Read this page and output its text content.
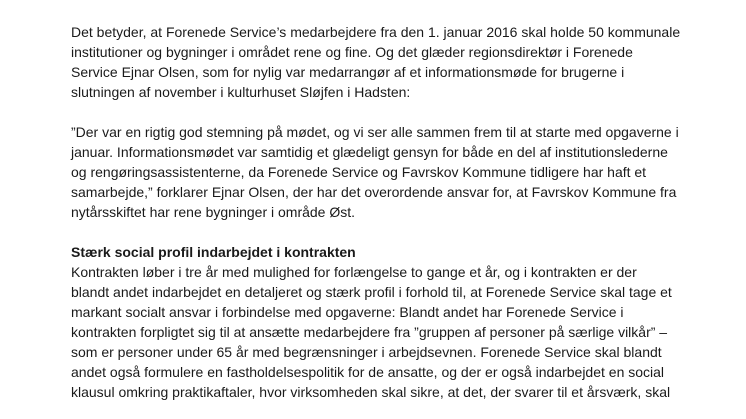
Det betyder, at Forenede Service’s medarbejdere fra den 1. januar 2016 skal holde 50 kommunale
institutioner og bygninger i området rene og fine. Og det glæder regionsdirektør i Forenede
Service Ejnar Olsen, som for nylig var medarrangør af et informationsmøde for brugerne i
slutningen af november i kulturhuset Sløjfen i Hadsten:
”Der var en rigtig god stemning på mødet, og vi ser alle sammen frem til at starte med opgaverne i
januar. Informationsmødet var samtidig et glædeligt gensyn for både en del af institutionslederne
og rengøringsassistenterne, da Forenede Service og Favrskov Kommune tidligere har haft et
samarbejde,” forklarer Ejnar Olsen, der har det overordende ansvar for, at Favrskov Kommune fra
nytårsskiftet har rene bygninger i område Øst.
Stærk social profil indarbejdet i kontrakten
Kontrakten løber i tre år med mulighed for forlængelse to gange et år, og i kontrakten er der
blandt andet indarbejdet en detaljeret og stærk profil i forhold til, at Forenede Service skal tage et
markant socialt ansvar i forbindelse med opgaverne: Blandt andet har Forenede Service i
kontrakten forpligtet sig til at ansætte medarbejdere fra ”gruppen af personer på særlige vilkår” –
som er personer under 65 år med begrænsninger i arbejdsevnen. Forenede Service skal blandt
andet også formulere en fastholdelsespolitik for de ansatte, og der er også indarbejdet en social
klausul omkring praktikaftaler, hvor virksomheden skal sikre, at det, der svarer til et årsværk, skal
